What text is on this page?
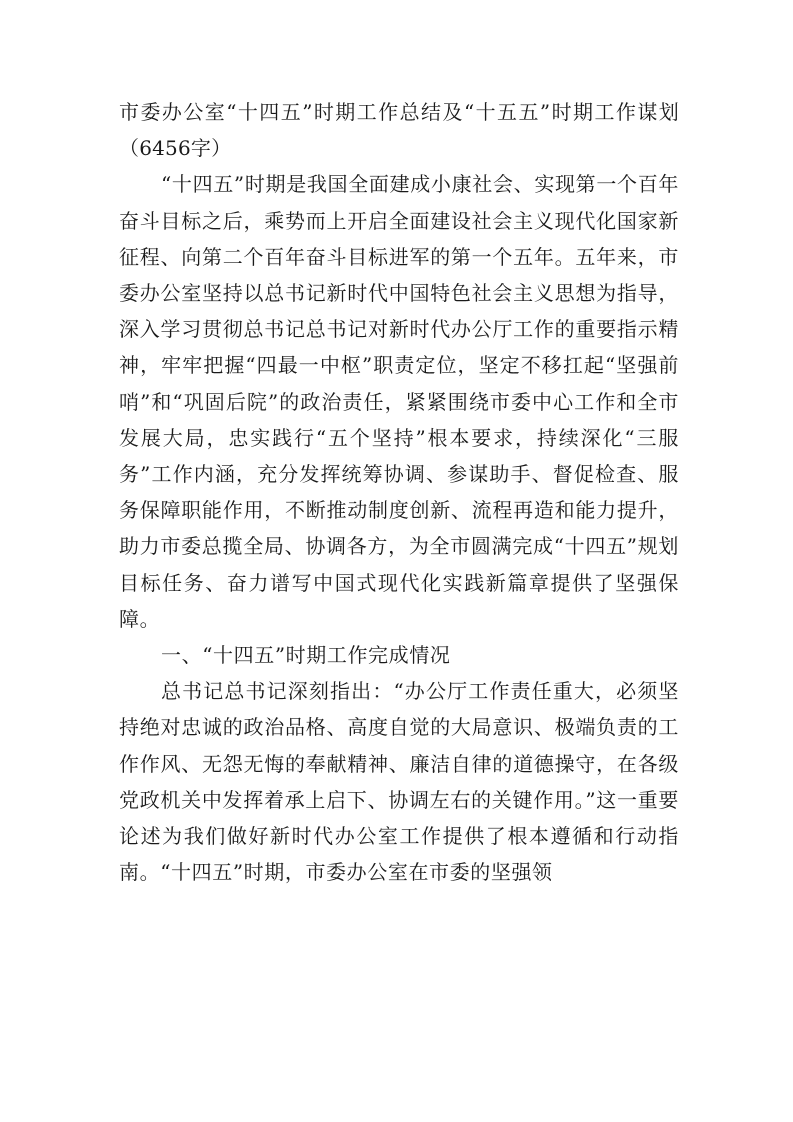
市委办公室“十四五”时期工作总结及“十五五”时期工作谋划（6456字）

“十四五”时期是我国全面建成小康社会、实现第一个百年奋斗目标之后，乘势而上开启全面建设社会主义现代化国家新征程、向第二个百年奋斗目标进军的第一个五年。五年来，市委办公室坚持以总书记新时代中国特色社会主义思想为指导，深入学习贯彻总书记总书记对新时代办公厅工作的重要指示精神，牢牢把握“四最一中枢”职责定位，坚定不移扛起“坚强前哨”和“巩固后院”的政治责任，紧紧围绕市委中心工作和全市发展大局，忠实践行“五个坚持”根本要求，持续深化“三服务”工作内涵，充分发挥统筹协调、参谋助手、督促检查、服务保障职能作用，不断推动制度创新、流程再造和能力提升，助力市委总揽全局、协调各方，为全市圆满完成“十四五”规划目标任务、奋力谱写中国式现代化实践新篇章提供了坚强保障。

一、“十四五”时期工作完成情况

总书记总书记深刻指出：“办公厅工作责任重大，必须坚持绝对忠诚的政治品格、高度自觉的大局意识、极端负责的工作作风、无怨无悔的奉献精神、廉洁自律的道德操守，在各级党政机关中发挥着承上启下、协调左右的关键作用。”这一重要论述为我们做好新时代办公室工作提供了根本遵循和行动指南。“十四五”时期，市委办公室在市委的坚强领
